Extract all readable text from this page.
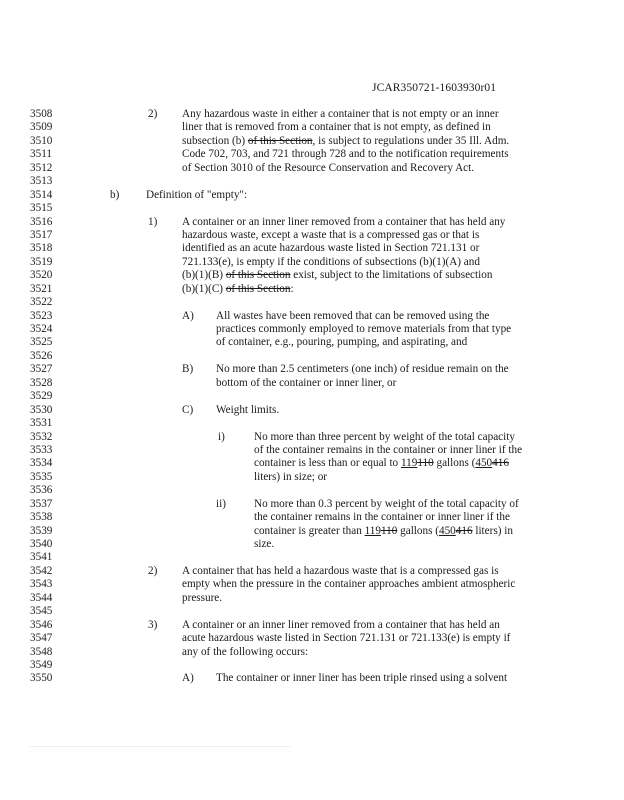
JCAR350721-1603930r01
3508	2) Any hazardous waste in either a container that is not empty or an inner
3509	liner that is removed from a container that is not empty, as defined in
3510	subsection (b) of this Section, is subject to regulations under 35 Ill. Adm.
3511	Code 702, 703, and 721 through 728 and to the notification requirements
3512	of Section 3010 of the Resource Conservation and Recovery Act.
3513
3514	b) Definition of "empty":
3515
3516	1) A container or an inner liner removed from a container that has held any
3517	hazardous waste, except a waste that is a compressed gas or that is
3518	identified as an acute hazardous waste listed in Section 721.131 or
3519	721.133(e), is empty if the conditions of subsections (b)(1)(A) and
3520	(b)(1)(B) of this Section exist, subject to the limitations of subsection
3521	(b)(1)(C) of this Section:
3522
3523	A) All wastes have been removed that can be removed using the
3524	practices commonly employed to remove materials from that type
3525	of container, e.g., pouring, pumping, and aspirating, and
3526
3527	B) No more than 2.5 centimeters (one inch) of residue remain on the
3528	bottom of the container or inner liner, or
3529
3530	C) Weight limits.
3531
3532	i)	No more than three percent by weight of the total capacity
3533	of the container remains in the container or inner liner if the
3534	container is less than or equal to 119110 gallons (450416
3535	liters) in size; or
3536
3537	ii)	No more than 0.3 percent by weight of the total capacity of
3538	the container remains in the container or inner liner if the
3539	container is greater than 119110 gallons (450416 liters) in
3540	size.
3541
3542	2) A container that has held a hazardous waste that is a compressed gas is
3543	empty when the pressure in the container approaches ambient atmospheric
3544	pressure.
3545
3546	3) A container or an inner liner removed from a container that has held an
3547	acute hazardous waste listed in Section 721.131 or 721.133(e) is empty if
3548	any of the following occurs:
3549
3550	A) The container or inner liner has been triple rinsed using a solvent
